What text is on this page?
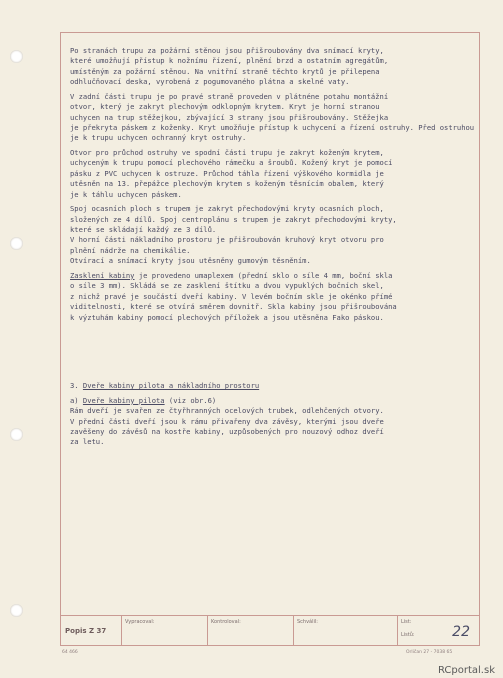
Po stranách trupu za požární stěnou jsou přišroubovány dva snímací kryty,
které umožňují přístup k nožnímu řízení, plnění brzd a ostatním agregátům,
umístěným za požární stěnou. Na vnitřní straně těchto krytů je přilepena
odhlučňovací deska, vyrobená z pogumovaného plátna a skelné vaty.

V zadní části trupu je po pravé straně proveden v plátnéne potahu montážní
otvor, který je zakryt plechovým odklopným krytem. Kryt je horní stranou
uchycen na trup stěžejkou, zbývající 3 strany jsou přišroubovány. Stěžejka
je překryta páskem z koženky. Kryt umožňuje přístup k uchycení a řízení ostruhy. Před ostruhou je k trupu uchycen ochranný kryt ostruhy.

Otvor pro průchod ostruhy ve spodní části trupu je zakryt koženým krytem,
uchyceným k trupu pomocí plechového rámečku a šroubů. Kožený kryt je pomocí
pásku z PVC uchycen k ostruze. Průchod táhla řízení výškového kormidla je
utěsněn na 13. přepážce plechovým krytem s koženým těsnícím obalem, který
je k táhlu uchycen páskem.

Spoj ocasních ploch s trupem je zakryt přechodovými kryty ocasních ploch,
složených ze 4 dílů. Spoj centroplánu s trupem je zakryt přechodovými kryty,
které se skládají každý ze 3 dílů.
V horní části nákladního prostoru je přišroubován kruhový kryt otvoru pro
plnění nádrže na chemikálie.
Otvírací a snímací kryty jsou utěsněny gumovým těsněním.

Zasklení kabiny je provedeno umaplexem (přední sklo o síle 4 mm, boční skla
o síle 3 mm). Skládá se ze zasklení štítku a dvou vypuklých bočních skel,
z nichž pravé je součástí dveří kabiny. V levém bočním skle je okénko přímé
viditelnosti, které se otvírá směrem dovnitř. Skla kabiny jsou přišroubována
k výztuhám kabiny pomocí plechových příložek a jsou utěsněna Fako páskou.

3. Dveře kabiny pilota a nákladního prostoru

a) Dveře kabiny pilota (viz obr.6)

Rám dveří je svařen ze čtyřhranných ocelových trubek, odlehčených otvory.
V přední části dveří jsou k rámu přivařeny dva závěsy, kterými jsou dveře
zavěšeny do závěsů na kostře kabiny, uzpůsobených pro nouzový odhoz dveří
za letu.

Popis Z 37
Vypracoval:	Kontroloval:	Schválil:	List:
Listů:	22
64 466	Orličan 27 - 7038 65
RCportal.sk
